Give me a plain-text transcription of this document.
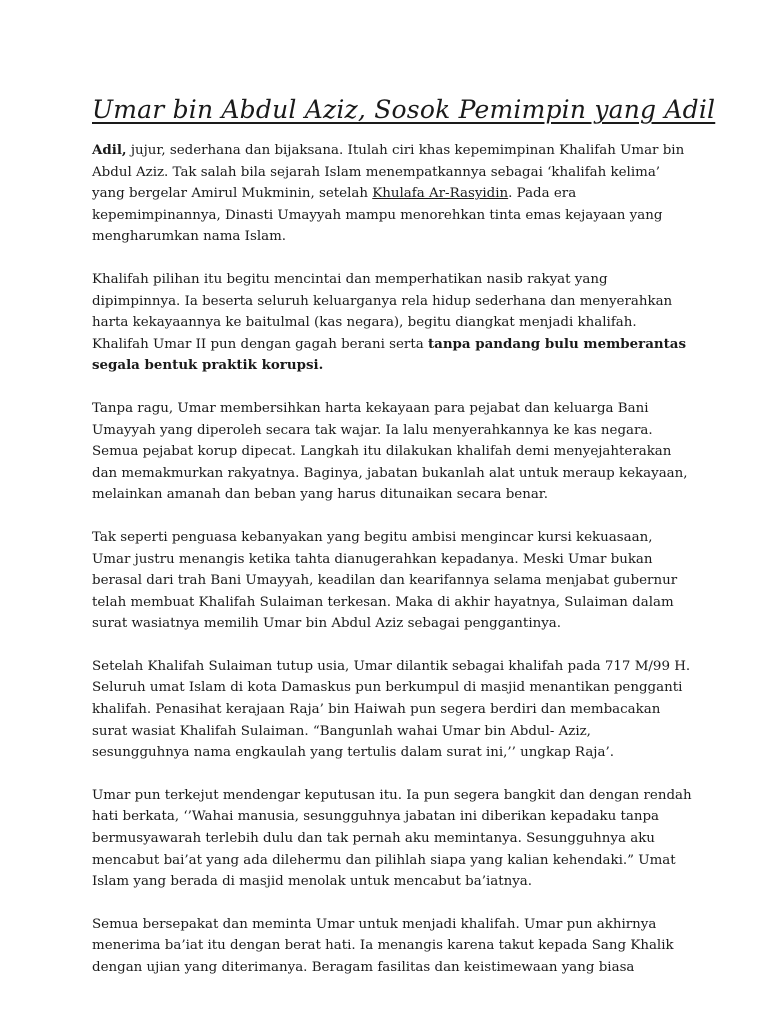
Umar bin Abdul Aziz, Sosok Pemimpin yang Adil

Adil, jujur, sederhana dan bijaksana. Itulah ciri khas kepemimpinan Khalifah Umar bin Abdul Aziz. Tak salah bila sejarah Islam menempatkannya sebagai ‘khalifah kelima’ yang bergelar Amirul Mukminin, setelah Khulafa Ar-Rasyidin. Pada era kepemimpinannya, Dinasti Umayyah mampu menorehkan tinta emas kejayaan yang mengharumkan nama Islam.

Khalifah pilihan itu begitu mencintai dan memperhatikan nasib rakyat yang dipimpinnya. Ia beserta seluruh keluarganya rela hidup sederhana dan menyerahkan harta kekayaannya ke baitulmal (kas negara), begitu diangkat menjadi khalifah. Khalifah Umar II pun dengan gagah berani serta tanpa pandang bulu memberantas segala bentuk praktik korupsi.

Tanpa ragu, Umar membersihkan harta kekayaan para pejabat dan keluarga Bani Umayyah yang diperoleh secara tak wajar. Ia lalu menyerahkannya ke kas negara. Semua pejabat korup dipecat. Langkah itu dilakukan khalifah demi menyejahterakan dan memakmurkan rakyatnya. Baginya, jabatan bukanlah alat untuk meraup kekayaan, melainkan amanah dan beban yang harus ditunaikan secara benar.

Tak seperti penguasa kebanyakan yang begitu ambisi mengincar kursi kekuasaan, Umar justru menangis ketika tahta dianugerahkan kepadanya. Meski Umar bukan berasal dari trah Bani Umayyah, keadilan dan kearifannya selama menjabat gubernur telah membuat Khalifah Sulaiman terkesan. Maka di akhir hayatnya, Sulaiman dalam surat wasiatnya memilih Umar bin Abdul Aziz sebagai penggantinya.

Setelah Khalifah Sulaiman tutup usia, Umar dilantik sebagai khalifah pada 717 M/99 H. Seluruh umat Islam di kota Damaskus pun berkumpul di masjid menantikan pengganti khalifah. Penasihat kerajaan Raja’ bin Haiwah pun segera berdiri dan membacakan surat wasiat Khalifah Sulaiman. “Bangunlah wahai Umar bin Abdul- Aziz, sesungguhnya nama engkaulah yang tertulis dalam surat ini,’’ ungkap Raja’.

Umar pun terkejut mendengar keputusan itu. Ia pun segera bangkit dan dengan rendah hati berkata, ‘’Wahai manusia, sesungguhnya jabatan ini diberikan kepadaku tanpa bermusyawarah terlebih dulu dan tak pernah aku memintanya. Sesungguhnya aku mencabut bai’at yang ada dilehermu dan pilihlah siapa yang kalian kehendaki.” Umat Islam yang berada di masjid menolak untuk mencabut ba’iatnya.

Semua bersepakat dan meminta Umar untuk menjadi khalifah. Umar pun akhirnya menerima ba’iat itu dengan berat hati. Ia menangis karena takut kepada Sang Khalik dengan ujian yang diterimanya. Beragam fasilitas dan keistimewaan yang biasa
